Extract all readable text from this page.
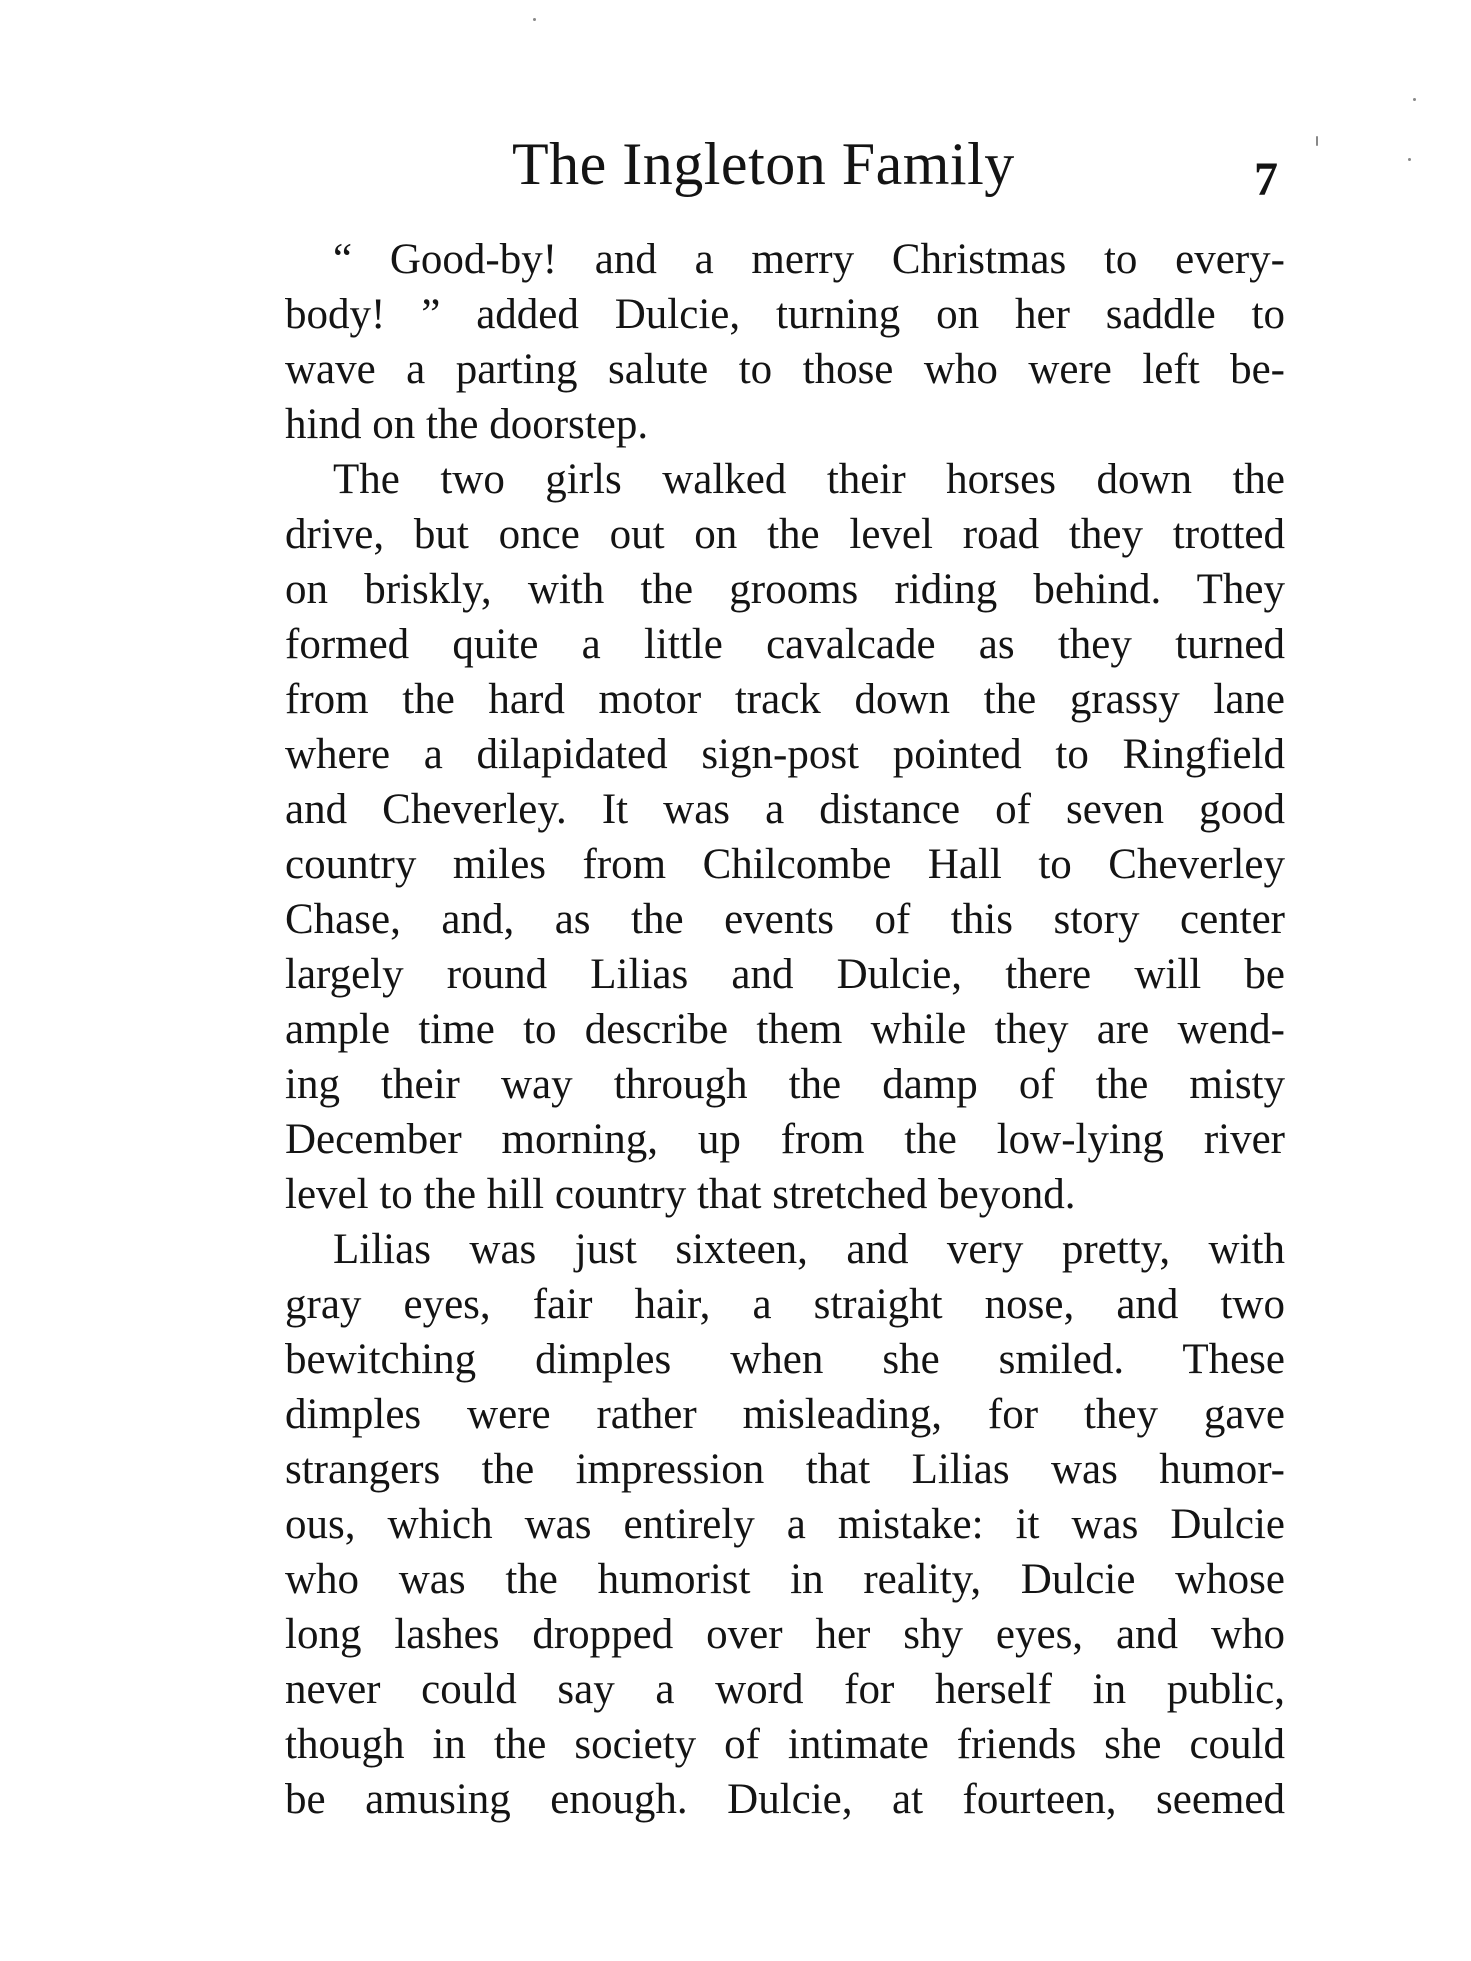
The Ingleton Family	7
“ Good-by! and a merry Christmas to every-
body! ” added Dulcie, turning on her saddle to
wave a parting salute to those who were left be-
hind on the doorstep.
The two girls walked their horses down the
drive, but once out on the level road they trotted
on briskly, with the grooms riding behind. They
formed quite a little cavalcade as they turned
from the hard motor track down the grassy lane
where a dilapidated sign-post pointed to Ringfield
and Cheverley. It was a distance of seven good
country miles from Chilcombe Hall to Cheverley
Chase, and, as the events of this story center
largely round Lilias and Dulcie, there will be
ample time to describe them while they are wend-
ing their way through the damp of the misty
December morning, up from the low-lying river
level to the hill country that stretched beyond.
Lilias was just sixteen, and very pretty, with
gray eyes, fair hair, a straight nose, and two
bewitching dimples when she smiled. These
dimples were rather misleading, for they gave
strangers the impression that Lilias was humor-
ous, which was entirely a mistake: it was Dulcie
who was the humorist in reality, Dulcie whose
long lashes dropped over her shy eyes, and who
never could say a word for herself in public,
though in the society of intimate friends she could
be amusing enough. Dulcie, at fourteen, seemed
